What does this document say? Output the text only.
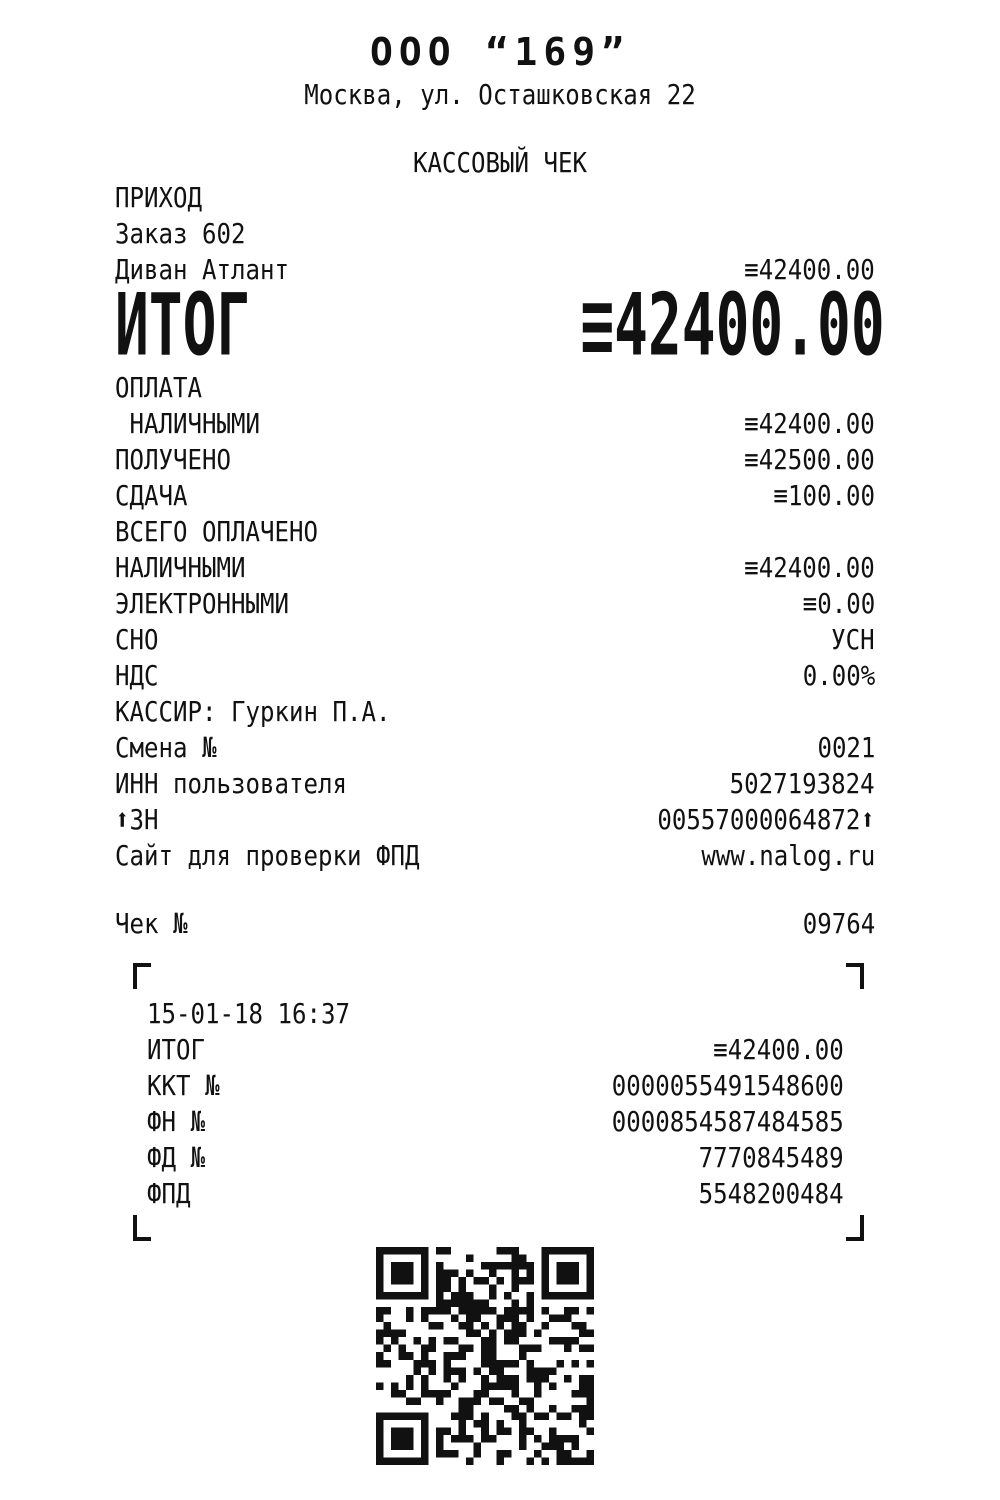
ООО “169”
Москва, ул. Осташковская 22
КАССОВЫЙ ЧЕК
ПРИХОД
Заказ 602
Диван Атлант	≡42400.00
ИТОГ	≡42400.00
ОПЛАТА
НАЛИЧНЫМИ	≡42400.00
ПОЛУЧЕНО	≡42500.00
СДАЧА	≡100.00
ВСЕГО ОПЛАЧЕНО
НАЛИЧНЫМИ	≡42400.00
ЭЛЕКТРОННЫМИ	≡0.00
СНО	УСН
НДС	0.00%
КАССИР: Гуркин П.А.
Смена №	0021
ИНН пользователя	5027193824
⬆ЗН	00557000064872⬆
Сайт для проверки ФПД	www.nalog.ru
Чек №	09764
15-01-18 16:37
ИТОГ	≡42400.00
ККТ №	0000055491548600
ФН №	0000854587484585
ФД №	7770845489
ФПД	5548200484
